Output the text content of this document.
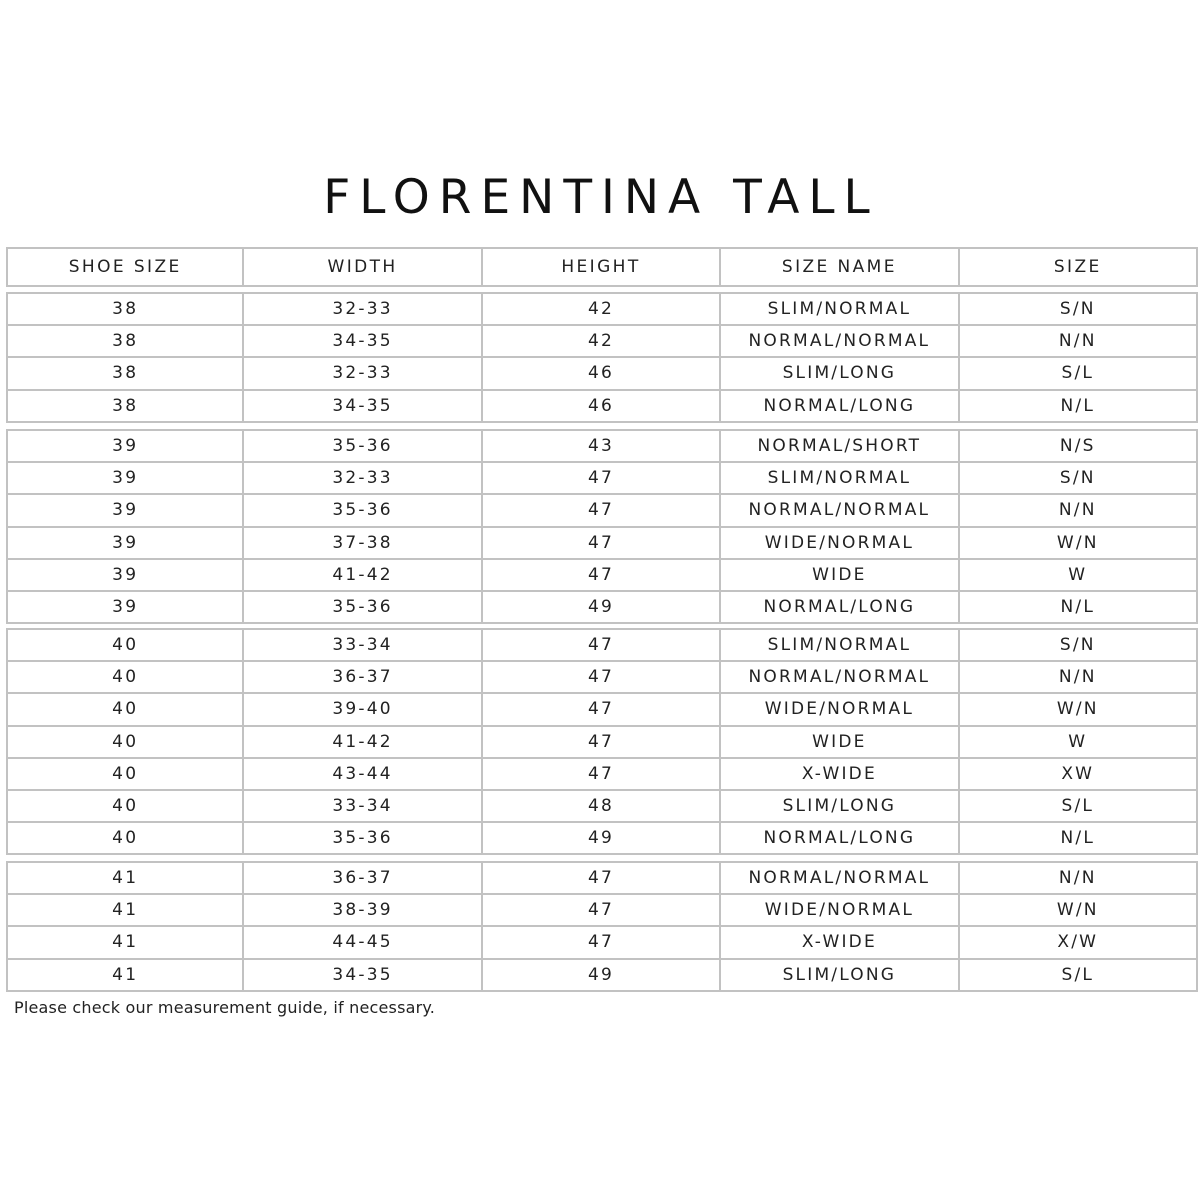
FLORENTINA TALL
SHOE SIZE	WIDTH	HEIGHT	SIZE NAME	SIZE
38	32-33	42	SLIM/NORMAL	S/N
38	34-35	42	NORMAL/NORMAL	N/N
38	32-33	46	SLIM/LONG	S/L
38	34-35	46	NORMAL/LONG	N/L
39	35-36	43	NORMAL/SHORT	N/S
39	32-33	47	SLIM/NORMAL	S/N
39	35-36	47	NORMAL/NORMAL	N/N
39	37-38	47	WIDE/NORMAL	W/N
39	41-42	47	WIDE	W
39	35-36	49	NORMAL/LONG	N/L
40	33-34	47	SLIM/NORMAL	S/N
40	36-37	47	NORMAL/NORMAL	N/N
40	39-40	47	WIDE/NORMAL	W/N
40	41-42	47	WIDE	W
40	43-44	47	X-WIDE	XW
40	33-34	48	SLIM/LONG	S/L
40	35-36	49	NORMAL/LONG	N/L
41	36-37	47	NORMAL/NORMAL	N/N
41	38-39	47	WIDE/NORMAL	W/N
41	44-45	47	X-WIDE	X/W
41	34-35	49	SLIM/LONG	S/L
Please check our measurement guide, if necessary.
